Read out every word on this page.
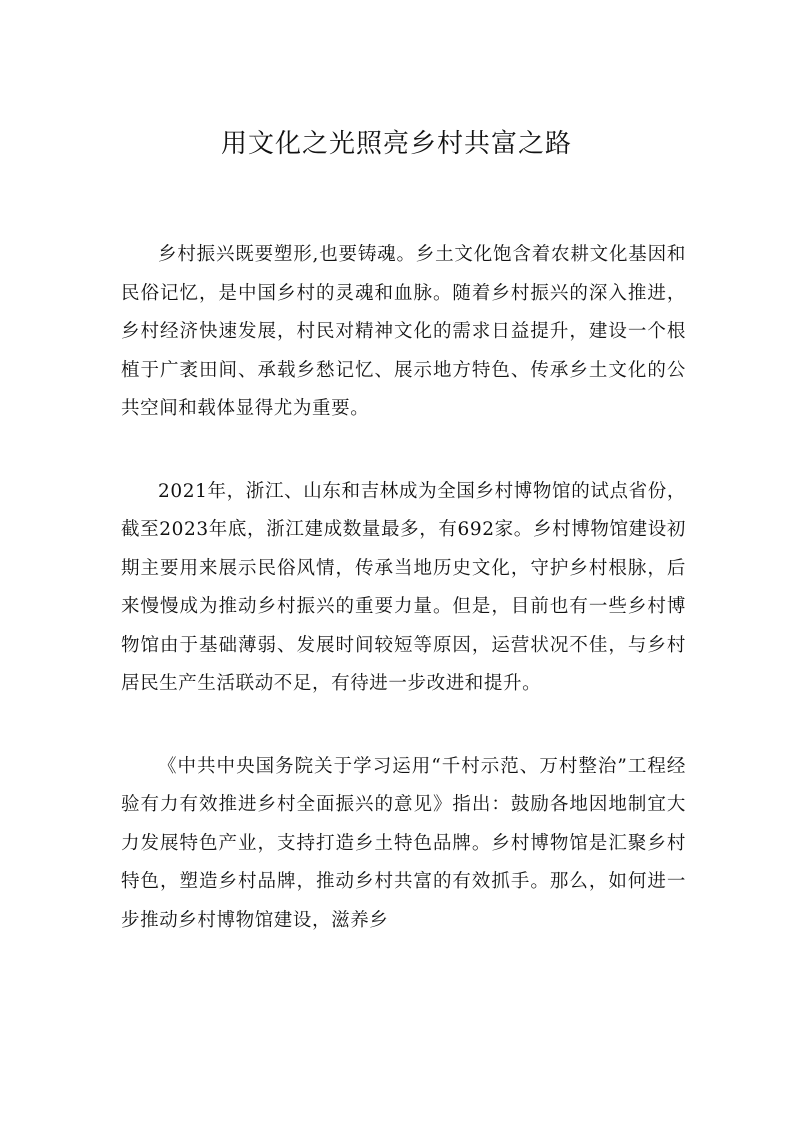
用文化之光照亮乡村共富之路

乡村振兴既要塑形,也要铸魂。乡土文化饱含着农耕文化基因和民俗记忆，是中国乡村的灵魂和血脉。随着乡村振兴的深入推进，乡村经济快速发展，村民对精神文化的需求日益提升，建设一个根植于广袤田间、承载乡愁记忆、展示地方特色、传承乡土文化的公共空间和载体显得尤为重要。

2021年，浙江、山东和吉林成为全国乡村博物馆的试点省份，截至2023年底，浙江建成数量最多，有692家。乡村博物馆建设初期主要用来展示民俗风情，传承当地历史文化，守护乡村根脉，后来慢慢成为推动乡村振兴的重要力量。但是，目前也有一些乡村博物馆由于基础薄弱、发展时间较短等原因，运营状况不佳，与乡村居民生产生活联动不足，有待进一步改进和提升。

《中共中央国务院关于学习运用“千村示范、万村整治”工程经验有力有效推进乡村全面振兴的意见》指出：鼓励各地因地制宜大力发展特色产业，支持打造乡土特色品牌。乡村博物馆是汇聚乡村特色，塑造乡村品牌，推动乡村共富的有效抓手。那么，如何进一步推动乡村博物馆建设，滋养乡
